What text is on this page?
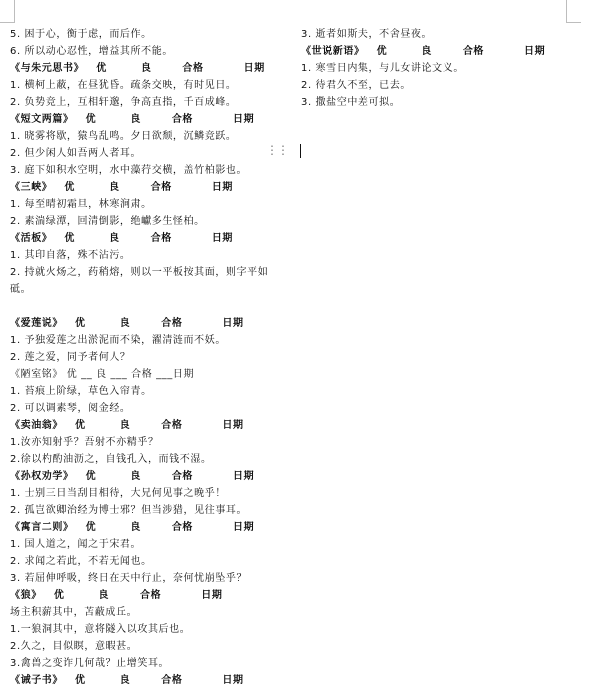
5. 困于心，衡于虑，而后作。
6. 所以动心忍性，增益其所不能。
《与朱元思书》 优	良	合格	日期
1. 横柯上蔽，在昼犹昏。疏条交映，有时见日。
2. 负势竞上，互相轩邈，争高直指，千百成峰。
《短文两篇》 优	良	合格	日期
1. 晓雾将歇，猿鸟乱鸣。夕日欲颓，沉鳞竞跃。
2. 但少闲人如吾两人者耳。
3. 庭下如积水空明，水中藻荇交横，盖竹柏影也。
《三峡》 优	良	合格	日期
1. 每至晴初霜旦，林寒涧肃。
2. 素湍绿潭，回清倒影，绝巘多生怪柏。
《活板》 优	良	合格	日期
1. 其印自落，殊不沾污。
2. 持就火炀之，药稍熔，则以一平板按其面，则字平如砥。
《爱莲说》 优	良	合格	日期
1. 予独爱莲之出淤泥而不染，濯清涟而不妖。
2. 莲之爱，同予者何人？
《陋室铭》 优 __ 良 ___ 合格 ___日期
1. 苔痕上阶绿，草色入帘青。
2. 可以调素琴，阅金经。
《卖油翁》 优	良	合格	日期
1.汝亦知射乎？吾射不亦精乎？
2.徐以杓酌油沥之，自钱孔入，而钱不湿。
《孙权劝学》 优	良	合格	日期
1. 士别三日当刮目相待，大兄何见事之晚乎！
2. 孤岂欲卿治经为博士邪？但当涉猎，见往事耳。
《寓言二则》 优	良	合格	日期
1. 国人道之，闻之于宋君。
2. 求闻之若此，不若无闻也。
3. 若屈伸呼吸，终日在天中行止，奈何忧崩坠乎？
《狼》 优	良	合格	日期
场主积薪其中，苫蔽成丘。
1.一狼洞其中，意将隧入以攻其后也。
2.久之，目似瞑，意暇甚。
3.禽兽之变诈几何哉？止增笑耳。
《诫子书》 优	良	合格	日期
3. 逝者如斯夫，不舍昼夜。
《世说新语》 优	良	合格	日期
1. 寒雪日内集，与儿女讲论文义。
2. 待君久不至，已去。
3. 撒盐空中差可拟。
⋮⋮
